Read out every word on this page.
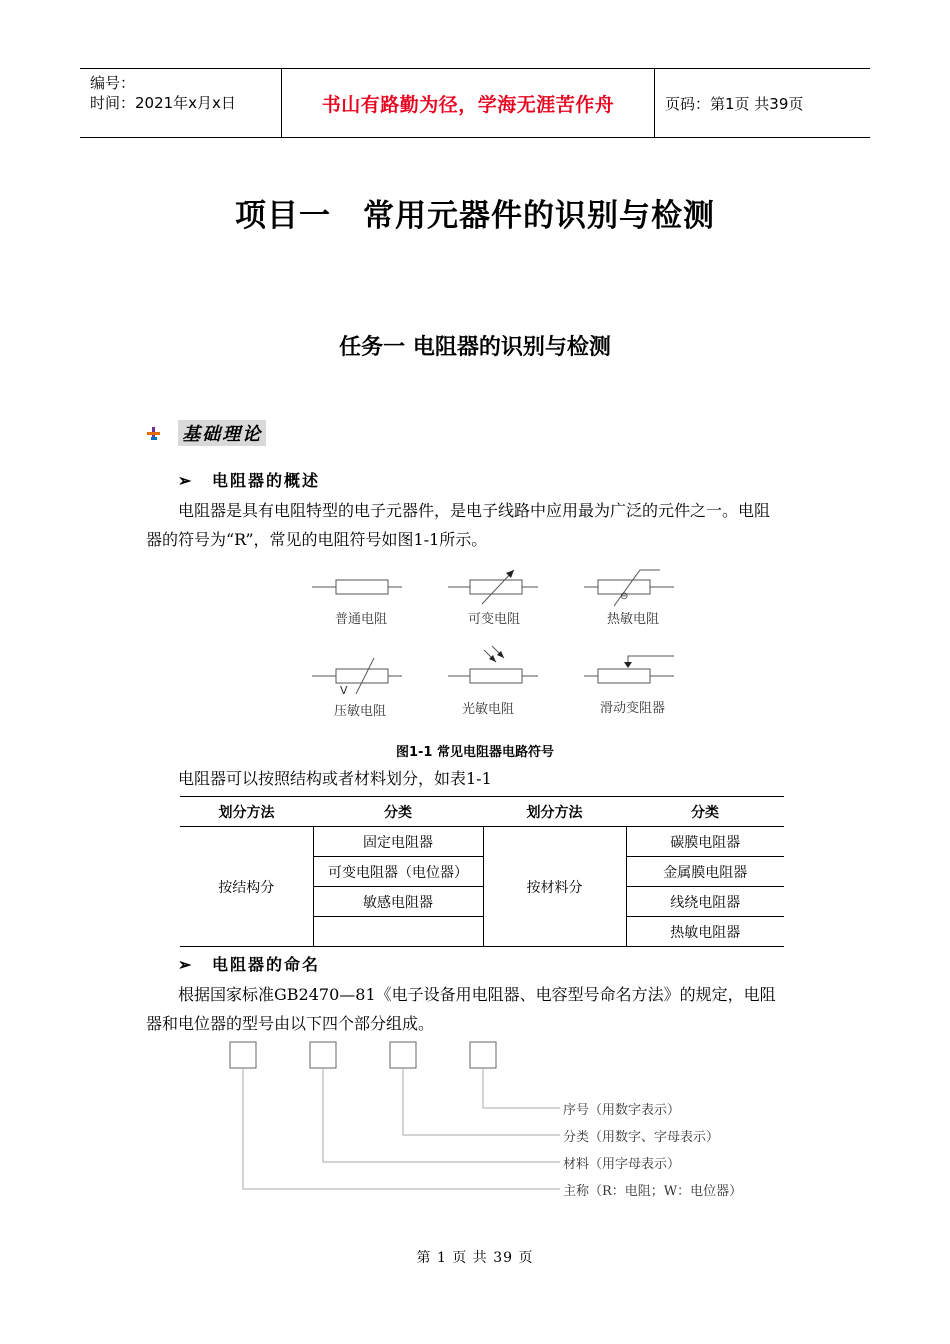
编号：
时间：2021年x月x日	书山有路勤为径，学海无涯苦作舟	页码：第1页 共39页
项目一　常用元器件的识别与检测
任务一 电阻器的识别与检测
基础理论
➢ 电阻器的概述
电阻器是具有电阻特型的电子元器件，是电子线路中应用最为广泛的元件之一。电阻
器的符号为“R”，常见的电阻符号如图1-1所示。
普通电阻	可变电阻
⊖
热敏电阻
V
压敏电阻	光敏电阻	滑动变阻器
图1-1 常见电阻器电路符号
电阻器可以按照结构或者材料划分，如表1-1
划分方法	分类	划分方法	分类
按结构分	固定电阻器	按材料分	碳膜电阻器
	可变电阻器（电位器）		金属膜电阻器
	敏感电阻器		线绕电阻器
			热敏电阻器
➢ 电阻器的命名
根据国家标准GB2470—81《电子设备用电阻器、电容型号命名方法》的规定，电阻
器和电位器的型号由以下四个部分组成。
序号（用数字表示）
分类（用数字、字母表示）
材料（用字母表示）
主称（R：电阻；W：电位器）
第 1 页 共 39 页
